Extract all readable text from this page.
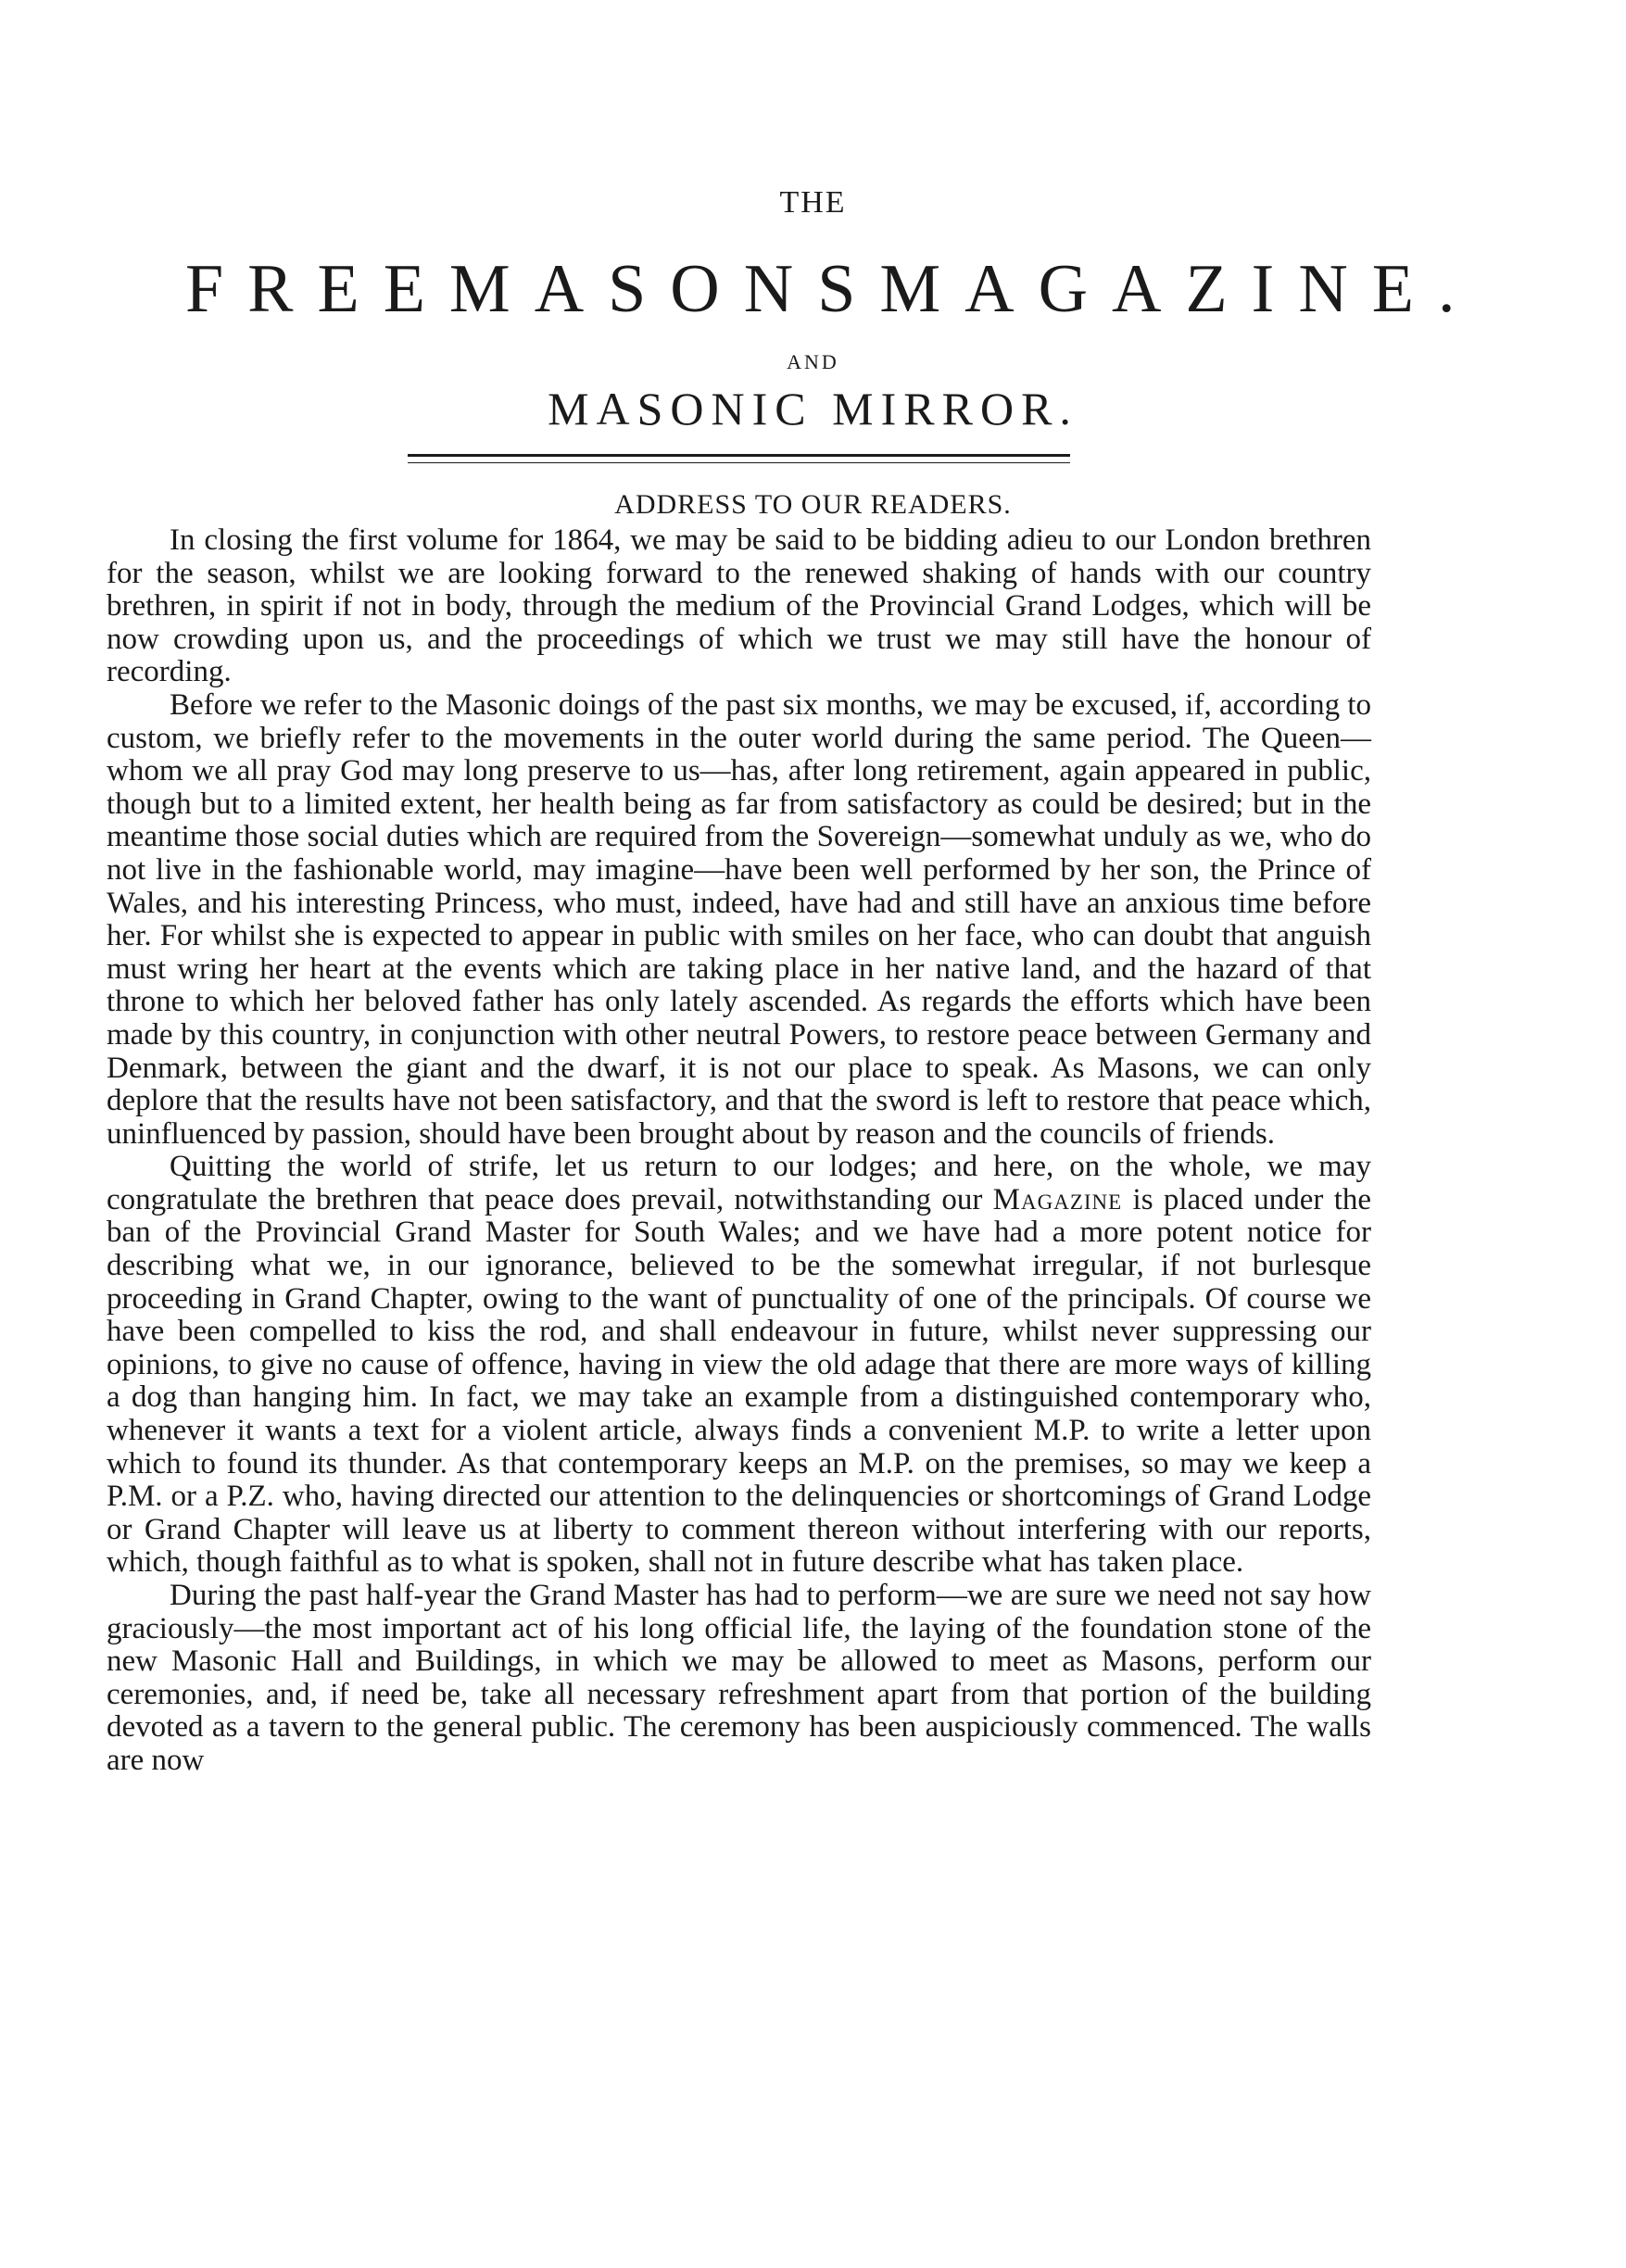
THE
FREEMASONS MAGAZINE.
AND
MASONIC MIRROR.
ADDRESS TO OUR READERS.

In closing the first volume for 1864, we may be said to be bidding adieu to our London brethren for the season, whilst we are looking forward to the renewed shaking of hands with our country brethren, in spirit if not in body, through the medium of the Provincial Grand Lodges, which will be now crowding upon us, and the proceedings of which we trust we may still have the honour of recording.

Before we refer to the Masonic doings of the past six months, we may be excused, if, according to custom, we briefly refer to the movements in the outer world during the same period. The Queen—whom we all pray God may long preserve to us—has, after long retirement, again appeared in public, though but to a limited extent, her health being as far from satisfactory as could be desired; but in the meantime those social duties which are required from the Sovereign—somewhat unduly as we, who do not live in the fashionable world, may imagine—have been well performed by her son, the Prince of Wales, and his interesting Princess, who must, indeed, have had and still have an anxious time before her. For whilst she is expected to appear in public with smiles on her face, who can doubt that anguish must wring her heart at the events which are taking place in her native land, and the hazard of that throne to which her beloved father has only lately ascended. As regards the efforts which have been made by this country, in conjunction with other neutral Powers, to restore peace between Germany and Denmark, between the giant and the dwarf, it is not our place to speak. As Masons, we can only deplore that the results have not been satisfactory, and that the sword is left to restore that peace which, uninfluenced by passion, should have been brought about by reason and the councils of friends.

Quitting the world of strife, let us return to our lodges; and here, on the whole, we may congratulate the brethren that peace does prevail, notwithstanding our Magazine is placed under the ban of the Provincial Grand Master for South Wales; and we have had a more potent notice for describing what we, in our ignorance, believed to be the somewhat irregular, if not burlesque proceeding in Grand Chapter, owing to the want of punctuality of one of the principals. Of course we have been compelled to kiss the rod, and shall endeavour in future, whilst never suppressing our opinions, to give no cause of offence, having in view the old adage that there are more ways of killing a dog than hanging him. In fact, we may take an example from a distinguished contemporary who, whenever it wants a text for a violent article, always finds a convenient M.P. to write a letter upon which to found its thunder. As that contemporary keeps an M.P. on the premises, so may we keep a P.M. or a P.Z. who, having directed our attention to the delinquencies or shortcomings of Grand Lodge or Grand Chapter will leave us at liberty to comment thereon without interfering with our reports, which, though faithful as to what is spoken, shall not in future describe what has taken place.

During the past half-year the Grand Master has had to perform—we are sure we need not say how graciously—the most important act of his long official life, the laying of the foundation stone of the new Masonic Hall and Buildings, in which we may be allowed to meet as Masons, perform our ceremonies, and, if need be, take all necessary refreshment apart from that portion of the building devoted as a tavern to the general public. The ceremony has been auspiciously commenced. The walls are now
